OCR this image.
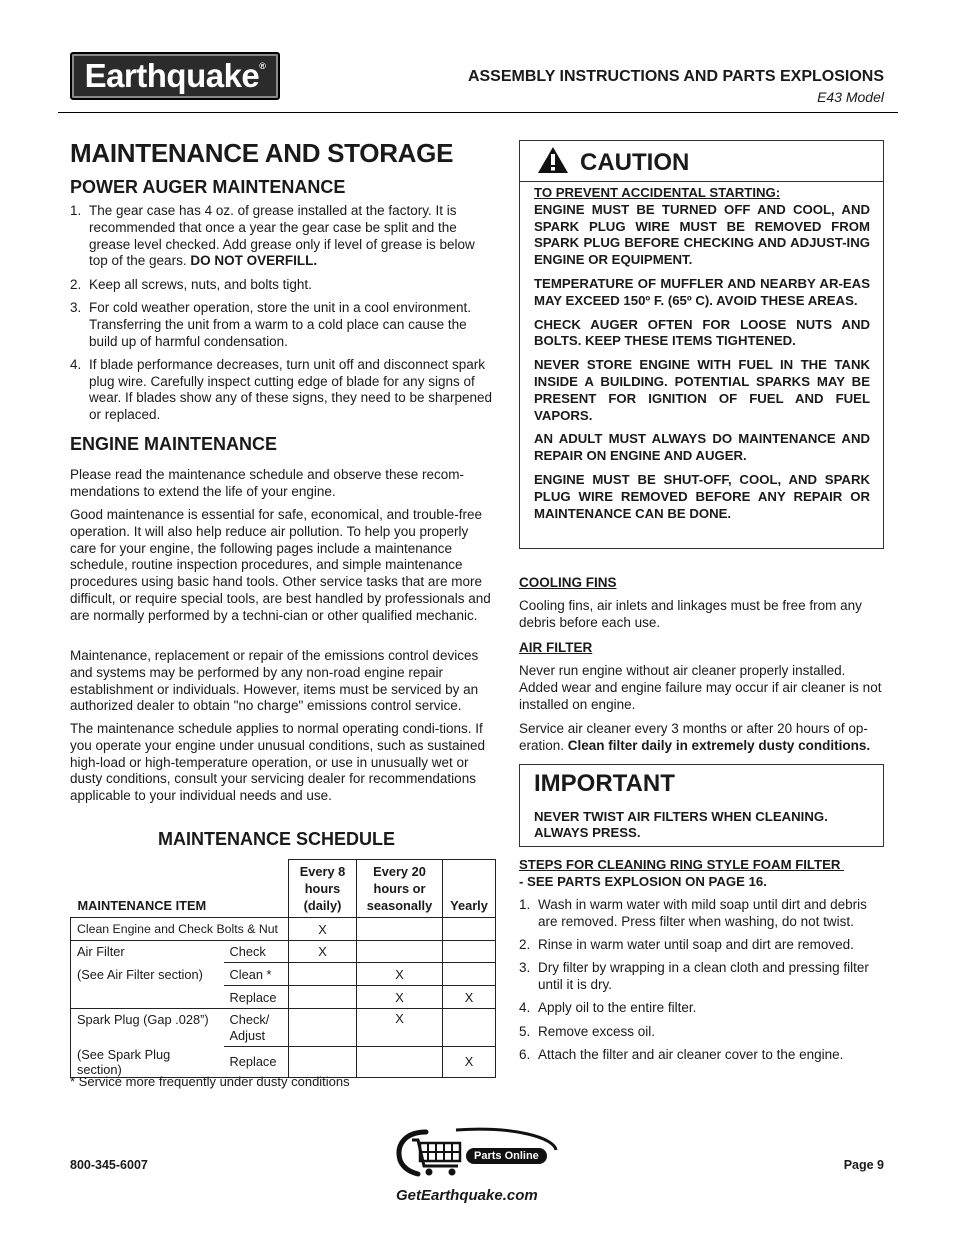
Earthquake®
ASSEMBLY INSTRUCTIONS AND PARTS EXPLOSIONS
E43 Model
MAINTENANCE AND STORAGE
POWER AUGER MAINTENANCE
1. The gear case has 4 oz. of grease installed at the factory. It is recommended that once a year the gear case be split and the grease level checked. Add grease only if level of grease is below top of the gears. DO NOT OVERFILL.
2. Keep all screws, nuts, and bolts tight.
3. For cold weather operation, store the unit in a cool environment. Transferring the unit from a warm to a cold place can cause the build up of harmful condensation.
4. If blade performance decreases, turn unit off and disconnect spark plug wire. Carefully inspect cutting edge of blade for any signs of wear. If blades show any of these signs, they need to be sharpened or replaced.
ENGINE MAINTENANCE
Please read the maintenance schedule and observe these recom-mendations to extend the life of your engine.
Good maintenance is essential for safe, economical, and trouble-free operation. It will also help reduce air pollution. To help you properly care for your engine, the following pages include a maintenance schedule, routine inspection procedures, and simple maintenance procedures using basic hand tools. Other service tasks that are more difficult, or require special tools, are best handled by professionals and are normally performed by a techni-cian or other qualified mechanic.
Maintenance, replacement or repair of the emissions control devices and systems may be performed by any non-road engine repair establishment or individuals. However, items must be serviced by an authorized dealer to obtain "no charge" emissions control service.
The maintenance schedule applies to normal operating condi-tions. If you operate your engine under unusual conditions, such as sustained high-load or high-temperature operation, or use in unusually wet or dusty conditions, consult your servicing dealer for recommendations applicable to your individual needs and use.
MAINTENANCE SCHEDULE
MAINTENANCE ITEM		Every 8 hours (daily)	Every 20 hours or seasonally	Yearly
Clean Engine and Check Bolts & Nut		X		
Air Filter	Check	X		
(See Air Filter section)	Clean *		X	
	Replace		X	X
Spark Plug (Gap .028”)	Check/ Adjust		X	
(See Spark Plug section)	Replace			X
* Service more frequently under dusty conditions
CAUTION

TO PREVENT ACCIDENTAL STARTING:

ENGINE MUST BE TURNED OFF AND COOL, AND SPARK PLUG WIRE MUST BE REMOVED FROM SPARK PLUG BEFORE CHECKING AND ADJUST-ING ENGINE OR EQUIPMENT.

TEMPERATURE OF MUFFLER AND NEARBY AR-EAS MAY EXCEED 150º F. (65º C). AVOID THESE AREAS.

CHECK AUGER OFTEN FOR LOOSE NUTS AND BOLTS. KEEP THESE ITEMS TIGHTENED.

NEVER STORE ENGINE WITH FUEL IN THE TANK INSIDE A BUILDING. POTENTIAL SPARKS MAY BE PRESENT FOR IGNITION OF FUEL AND FUEL VAPORS.

AN ADULT MUST ALWAYS DO MAINTENANCE AND REPAIR ON ENGINE AND AUGER.

ENGINE MUST BE SHUT-OFF, COOL, AND SPARK PLUG WIRE REMOVED BEFORE ANY REPAIR OR MAINTENANCE CAN BE DONE.

COOLING FINS
Cooling fins, air inlets and linkages must be free from any debris before each use.
AIR FILTER
Never run engine without air cleaner properly installed. Added wear and engine failure may occur if air cleaner is not installed on engine.
Service air cleaner every 3 months or after 20 hours of op-eration. Clean filter daily in extremely dusty conditions.
IMPORTANT
NEVER TWIST AIR FILTERS WHEN CLEANING.
ALWAYS PRESS.
STEPS FOR CLEANING RING STYLE FOAM FILTER
- SEE PARTS EXPLOSION ON PAGE 16.
1. Wash in warm water with mild soap until dirt and debris are removed. Press filter when washing, do not twist.
2. Rinse in warm water until soap and dirt are removed.
3. Dry filter by wrapping in a clean cloth and pressing filter until it is dry.
4. Apply oil to the entire filter.
5. Remove excess oil.
6. Attach the filter and air cleaner cover to the engine.
800-345-6007
Parts Online
GetEarthquake.com
Page 9
